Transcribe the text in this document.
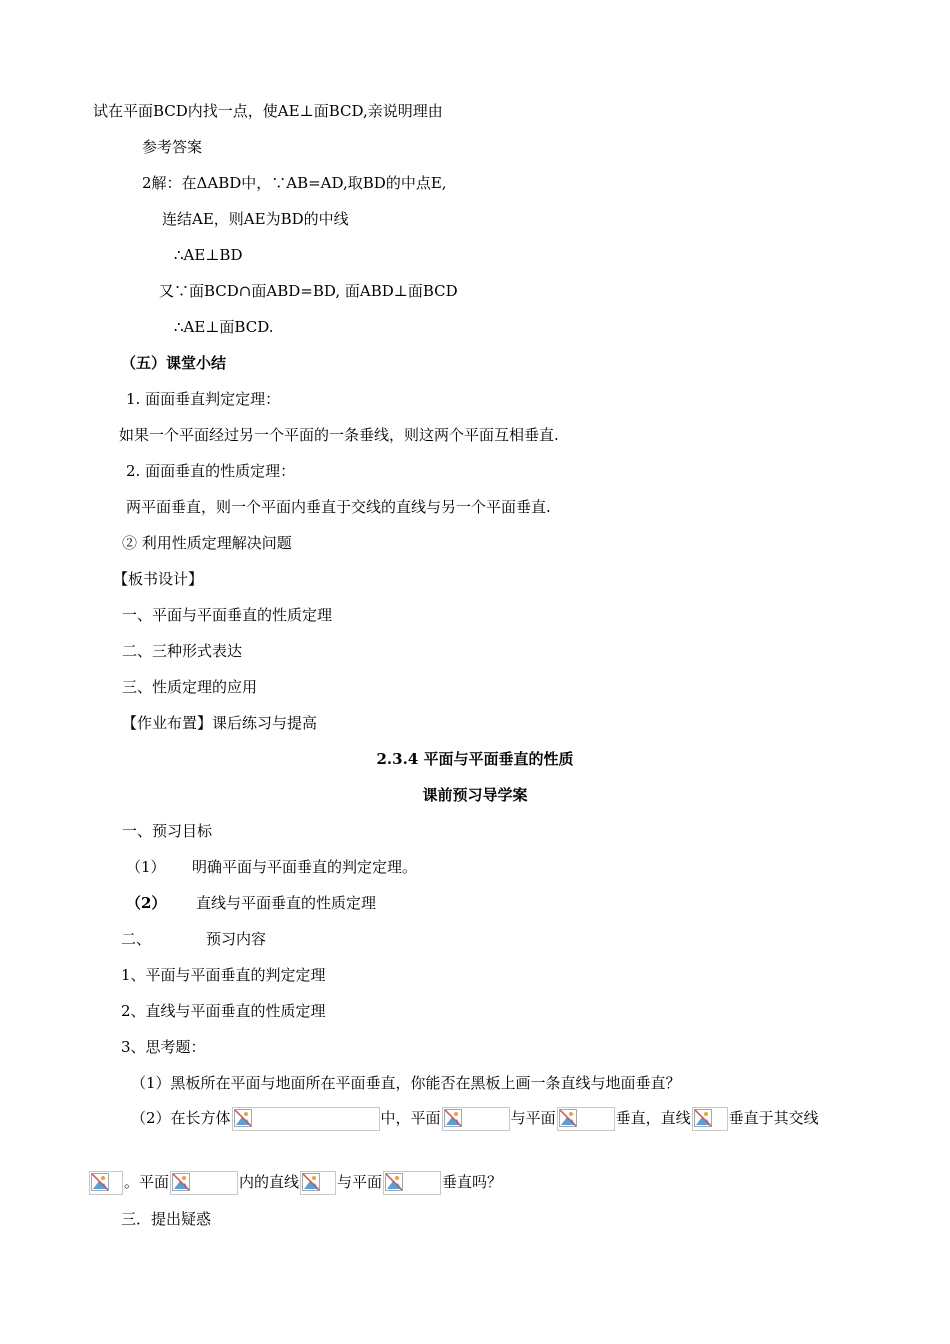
试在平面BCD内找一点，使AE⊥面BCD,亲说明理由
参考答案
2解：在ΔABD中，∵AB=AD,取BD的中点E,
连结AE，则AE为BD的中线
∴AE⊥BD
又∵面BCD∩面ABD=BD, 面ABD⊥面BCD
∴AE⊥面BCD.
（五）课堂小结
1. 面面垂直判定定理：
如果一个平面经过另一个平面的一条垂线，则这两个平面互相垂直.
2. 面面垂直的性质定理：
两平面垂直，则一个平面内垂直于交线的直线与另一个平面垂直.
② 利用性质定理解决问题
【板书设计】
一、平面与平面垂直的性质定理
二、三种形式表达
三、性质定理的应用
【作业布置】课后练习与提高
2.3.4 平面与平面垂直的性质
课前预习导学案
一、预习目标
（1） 明确平面与平面垂直的判定定理。
（2） 直线与平面垂直的性质定理
二、	预习内容
1、平面与平面垂直的判定定理
2、直线与平面垂直的性质定理
3、思考题：
（1）黑板所在平面与地面所在平面垂直，你能否在黑板上画一条直线与地面垂直？
（2）在长方体	中，平面	与平面	垂直，直线	垂直于其交线
。平面	内的直线	与平面	垂直吗？
三．提出疑惑
